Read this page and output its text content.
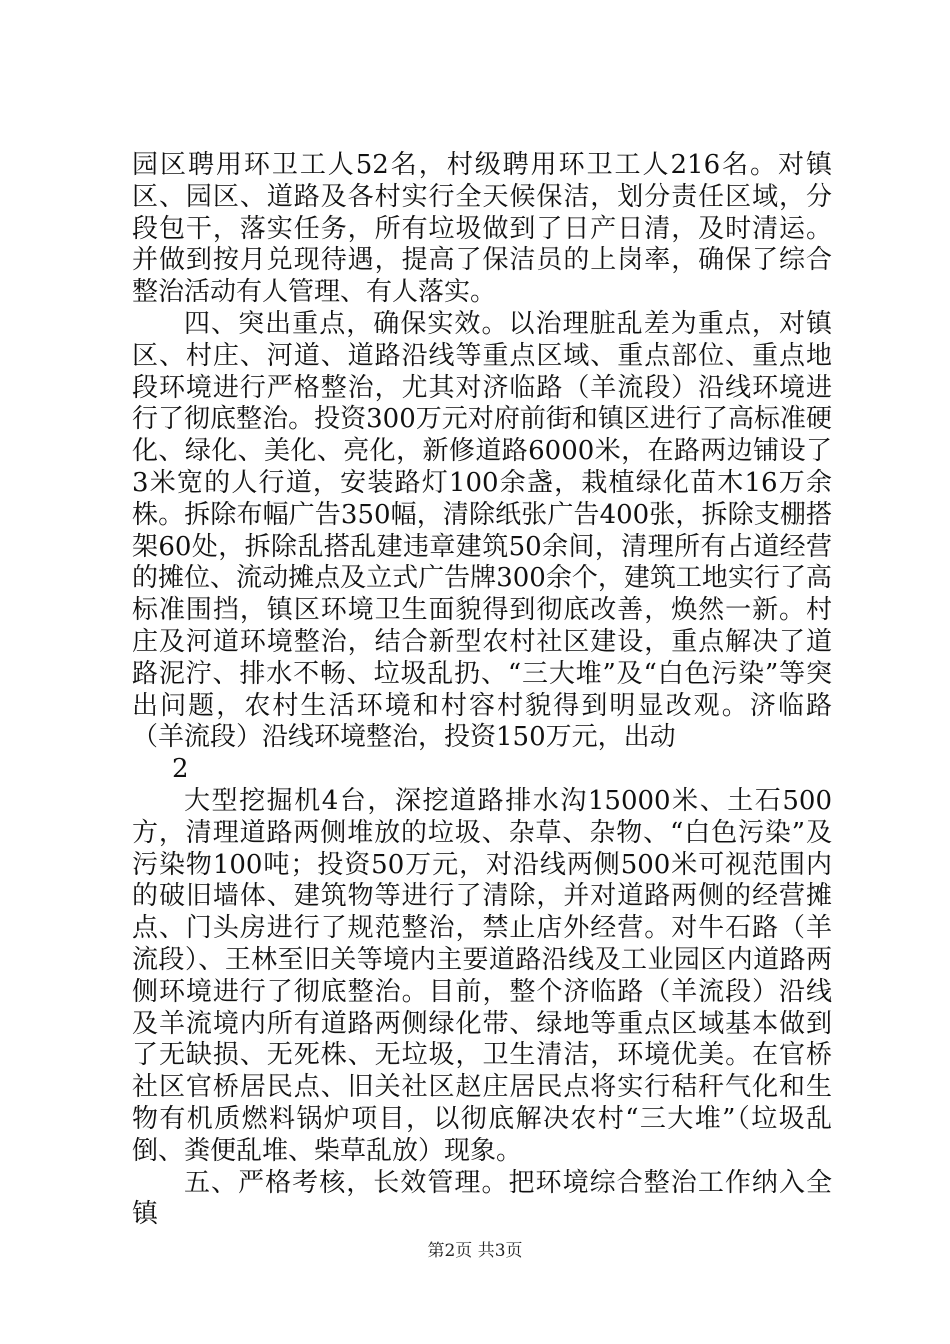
园区聘用环卫工人52名，村级聘用环卫工人216名。对镇区、园区、道路及各村实行全天候保洁，划分责任区域，分段包干，落实任务，所有垃圾做到了日产日清，及时清运。并做到按月兑现待遇，提高了保洁员的上岗率，确保了综合整治活动有人管理、有人落实。

四、突出重点，确保实效。以治理脏乱差为重点，对镇区、村庄、河道、道路沿线等重点区域、重点部位、重点地段环境进行严格整治，尤其对济临路（羊流段）沿线环境进行了彻底整治。投资300万元对府前街和镇区进行了高标准硬化、绿化、美化、亮化，新修道路6000米，在路两边铺设了3米宽的人行道，安装路灯100余盏，栽植绿化苗木16万余株。拆除布幅广告350幅，清除纸张广告400张，拆除支棚搭架60处，拆除乱搭乱建违章建筑50余间，清理所有占道经营的摊位、流动摊点及立式广告牌300余个，建筑工地实行了高标准围挡，镇区环境卫生面貌得到彻底改善，焕然一新。村庄及河道环境整治，结合新型农村社区建设，重点解决了道路泥泞、排水不畅、垃圾乱扔、“三大堆”及“白色污染”等突出问题，农村生活环境和村容村貌得到明显改观。济临路（羊流段）沿线环境整治，投资150万元，出动

2

大型挖掘机4台，深挖道路排水沟15000米、土石500方，清理道路两侧堆放的垃圾、杂草、杂物、“白色污染”及污染物100吨；投资50万元，对沿线两侧500米可视范围内的破旧墙体、建筑物等进行了清除，并对道路两侧的经营摊点、门头房进行了规范整治，禁止店外经营。对牛石路（羊流段）、王林至旧关等境内主要道路沿线及工业园区内道路两侧环境进行了彻底整治。目前，整个济临路（羊流段）沿线及羊流境内所有道路两侧绿化带、绿地等重点区域基本做到了无缺损、无死株、无垃圾，卫生清洁，环境优美。在官桥社区官桥居民点、旧关社区赵庄居民点将实行秸秆气化和生物有机质燃料锅炉项目，以彻底解决农村“三大堆”（垃圾乱倒、粪便乱堆、柴草乱放）现象。

五、严格考核，长效管理。把环境综合整治工作纳入全镇

第2页 共3页
